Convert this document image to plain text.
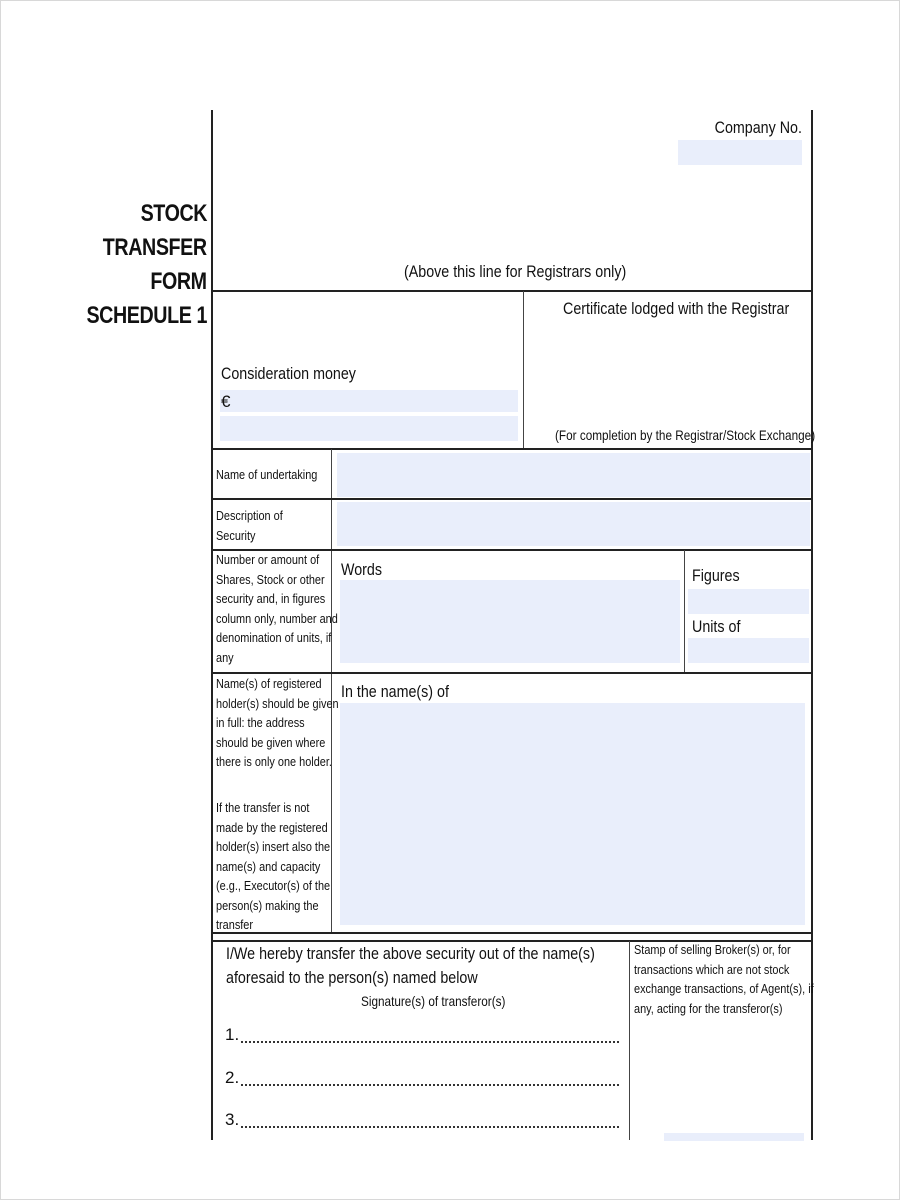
STOCK
TRANSFER
FORM
SCHEDULE 1
Company No.
(Above this line for Registrars only)
Consideration money
€
Certificate lodged with the Registrar
(For completion by the Registrar/Stock Exchange)
Name of undertaking
Description of
Security
Number or amount of
Shares, Stock or other
security and, in figures
column only, number and
denomination of units, if
any
Words	Figures
Units of
Name(s) of registered
holder(s) should be given
in full: the address
should be given where
there is only one holder.
If the transfer is not
made by the registered
holder(s) insert also the
name(s) and capacity
(e.g., Executor(s) of the
person(s) making the
transfer
In the name(s) of
I/We hereby transfer the above security out of the name(s)
aforesaid to the person(s) named below
Signature(s) of transferor(s)
1.
2.
3.
Stamp of selling Broker(s) or, for
transactions which are not stock
exchange transactions, of Agent(s), if
any, acting for the transferor(s)
